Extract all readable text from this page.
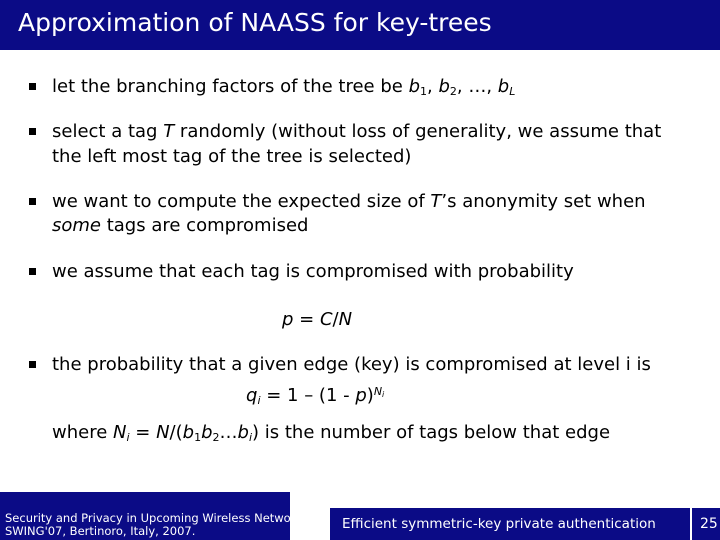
Approximation of NAASS for key-trees
let the branching factors of the tree be $b_1$, $b_2$, …, $b_L$
select a tag T randomly (without loss of generality, we assume that
the left most tag of the tree is selected)
we want to compute the expected size of T’s anonymity set when
some tags are compromised
we assume that each tag is compromised with probability
p = C/N
the probability that a given edge (key) is compromised at level i is
$q_i = 1 - (1 - p)^{N_i}$
where $N_i$ = $N/(b_1b_2\dots b_i)$ is the number of tags below that edge
Security and Privacy in Upcoming Wireless Networks
SWING'07, Bertinoro, Italy, 2007.	Efficient symmetric-key private authentication	25
